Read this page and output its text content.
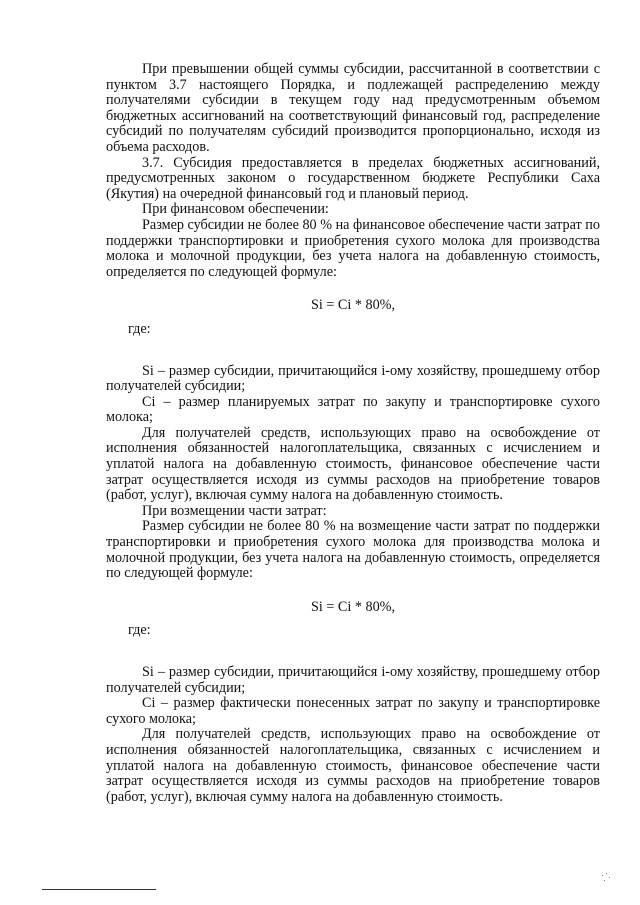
При превышении общей суммы субсидии, рассчитанной в соответствии с пунктом 3.7 настоящего Порядка, и подлежащей распределению между получателями субсидии в текущем году над предусмотренным объемом бюджетных ассигнований на соответствующий финансовый год, распределение субсидий по получателям субсидий производится пропорционально, исходя из объема расходов.

3.7. Субсидия предоставляется в пределах бюджетных ассигнований, предусмотренных законом о государственном бюджете Республики Саха (Якутия) на очередной финансовый год и плановый период.

При финансовом обеспечении:

Размер субсидии не более 80 % на финансовое обеспечение части затрат по поддержки транспортировки и приобретения сухого молока для производства молока и молочной продукции, без учета налога на добавленную стоимость, определяется по следующей формуле:

Si = Ci * 80%,
где:

Si – размер субсидии, причитающийся i-ому хозяйству, прошедшему отбор получателей субсидии;

Ci – размер планируемых затрат по закупу и транспортировке сухого молока;

Для получателей средств, использующих право на освобождение от исполнения обязанностей налогоплательщика, связанных с исчислением и уплатой налога на добавленную стоимость, финансовое обеспечение части затрат осуществляется исходя из суммы расходов на приобретение товаров (работ, услуг), включая сумму налога на добавленную стоимость.

При возмещении части затрат:

Размер субсидии не более 80 % на возмещение части затрат по поддержки транспортировки и приобретения сухого молока для производства молока и молочной продукции, без учета налога на добавленную стоимость, определяется по следующей формуле:

Si = Ci * 80%,
где:

Si – размер субсидии, причитающийся i-ому хозяйству, прошедшему отбор получателей субсидии;

Ci – размер фактически понесенных затрат по закупу и транспортировке сухого молока;

Для получателей средств, использующих право на освобождение от исполнения обязанностей налогоплательщика, связанных с исчислением и уплатой налога на добавленную стоимость, финансовое обеспечение части затрат осуществляется исходя из суммы расходов на приобретение товаров (работ, услуг), включая сумму налога на добавленную стоимость.
